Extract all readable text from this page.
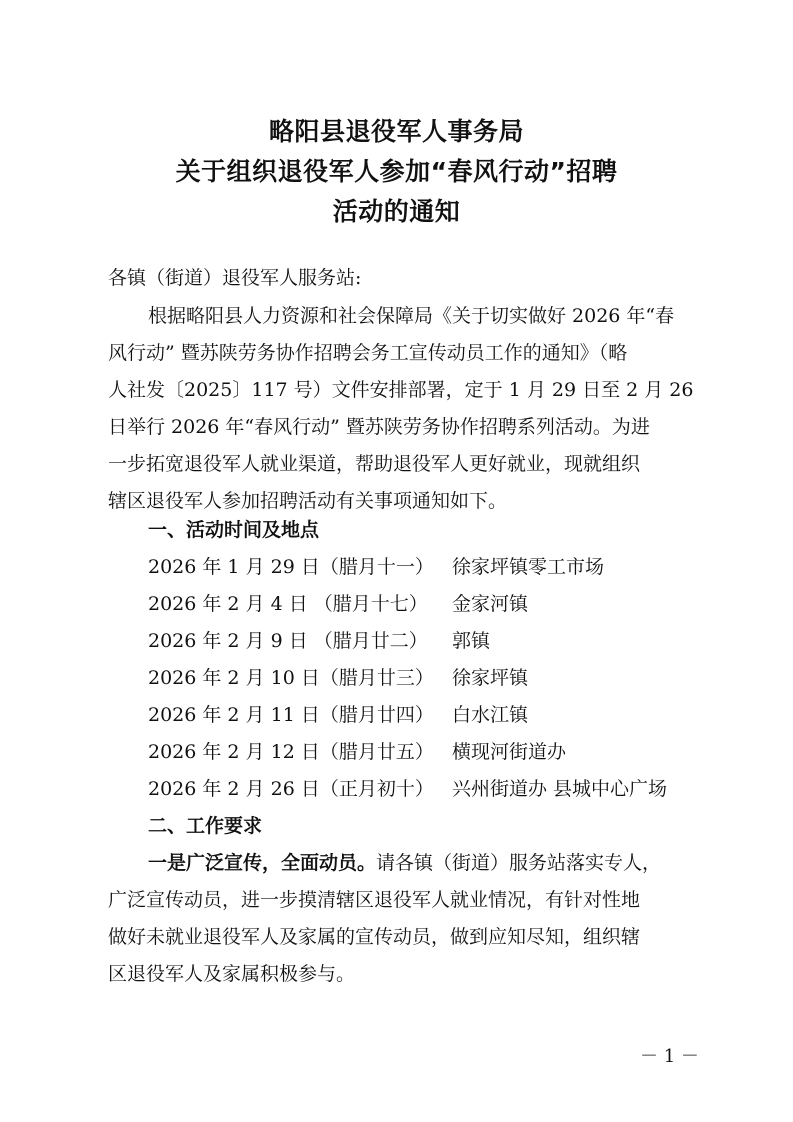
略阳县退役军人事务局
关于组织退役军人参加“春风行动”招聘
活动的通知
各镇（街道）退役军人服务站:
根据略阳县人力资源和社会保障局《关于切实做好 2026 年“春
风行动” 暨苏陕劳务协作招聘会务工宣传动员工作的通知》（略
人社发〔2025〕117 号）文件安排部署，定于 1 月 29 日至 2 月 26
日举行 2026 年“春风行动” 暨苏陕劳务协作招聘系列活动。为进
一步拓宽退役军人就业渠道，帮助退役军人更好就业，现就组织
辖区退役军人参加招聘活动有关事项通知如下。
一、活动时间及地点
2026 年 1 月 29 日（腊月十一） 徐家坪镇零工市场
2026 年 2 月 4 日 （腊月十七） 金家河镇
2026 年 2 月 9 日 （腊月廿二） 郭镇
2026 年 2 月 10 日（腊月廿三） 徐家坪镇
2026 年 2 月 11 日（腊月廿四） 白水江镇
2026 年 2 月 12 日（腊月廿五） 横现河街道办
2026 年 2 月 26 日（正月初十） 兴州街道办 县城中心广场
二、工作要求
一是广泛宣传，全面动员。请各镇（街道）服务站落实专人，
广泛宣传动员，进一步摸清辖区退役军人就业情况，有针对性地
做好未就业退役军人及家属的宣传动员，做到应知尽知，组织辖
区退役军人及家属积极参与。
－ 1 －
